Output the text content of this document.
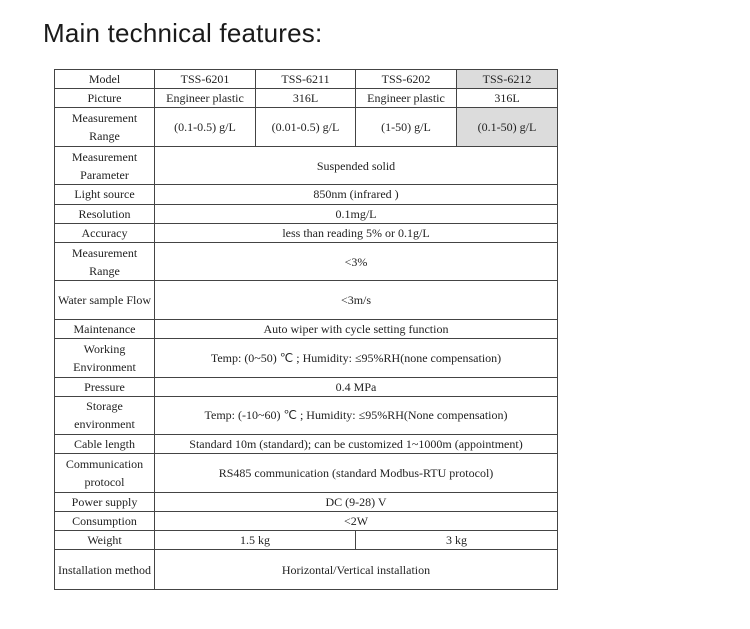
Main technical features:
Model	TSS-6201	TSS-6211	TSS-6202	TSS-6212
Picture	Engineer plastic	316L	Engineer plastic	316L
Measurement Range	(0.1-0.5) g/L	(0.01-0.5) g/L	(1-50) g/L	(0.1-50) g/L
Measurement Parameter	Suspended solid			
Light source	850nm (infrared )			
Resolution	0.1mg/L			
Accuracy	less than reading 5% or 0.1g/L			
Measurement Range	<3%			
Water sample Flow	<3m/s			
Maintenance	Auto wiper with cycle setting function			
Working Environment	Temp: (0~50) ℃ ; Humidity: ≤95%RH(none compensation)			
Pressure	0.4 MPa			
Storage environment	Temp: (-10~60) ℃ ; Humidity: ≤95%RH(None compensation)			
Cable length	Standard 10m (standard); can be customized 1~1000m (appointment)			
Communication protocol	RS485 communication (standard Modbus-RTU protocol)			
Power supply	DC (9-28) V			
Consumption	<2W			
Weight	1.5 kg		3 kg	
Installation method	Horizontal/Vertical installation			
